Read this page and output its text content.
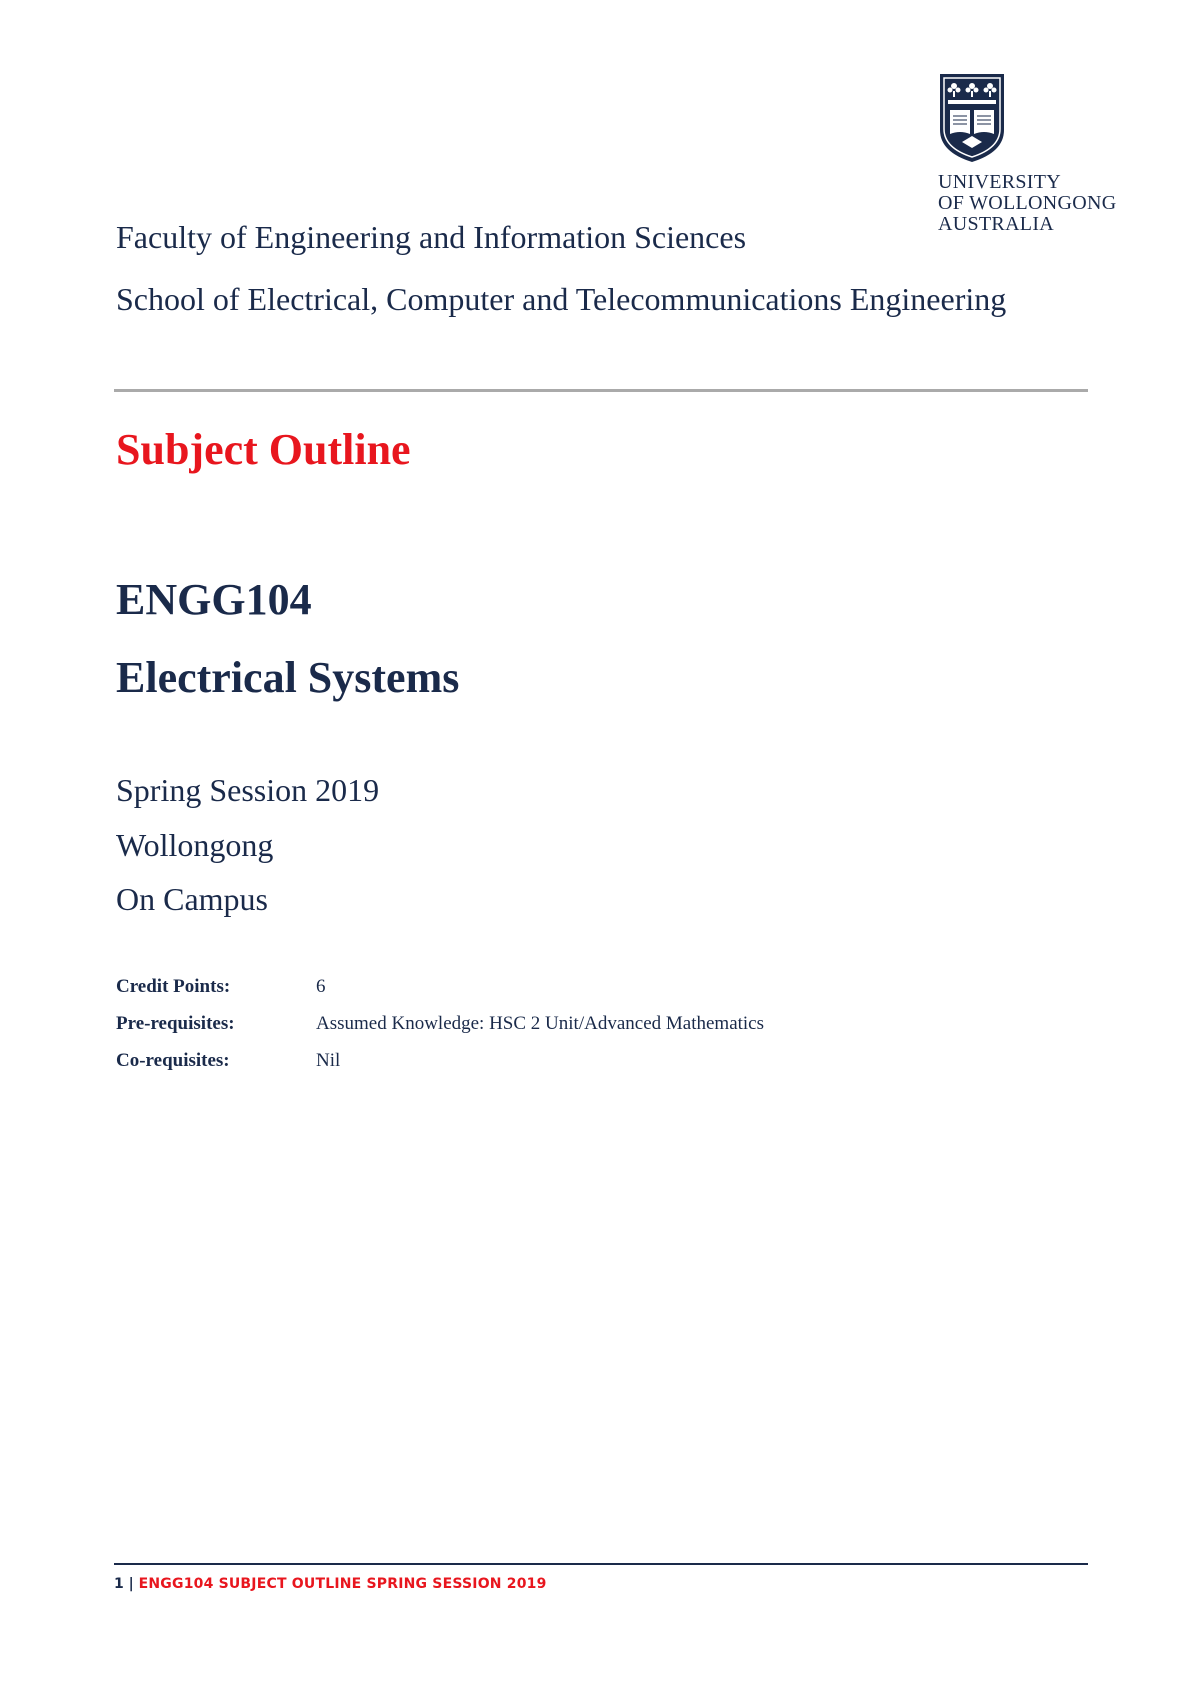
UNIVERSITY
OF WOLLONGONG
AUSTRALIA
Faculty of Engineering and Information Sciences
School of Electrical, Computer and Telecommunications Engineering
Subject Outline
ENGG104
Electrical Systems
Spring Session 2019
Wollongong
On Campus
Credit Points:	6
Pre-requisites:	Assumed Knowledge: HSC 2 Unit/Advanced Mathematics
Co-requisites:	Nil
1 | ENGG104 SUBJECT OUTLINE SPRING SESSION 2019
